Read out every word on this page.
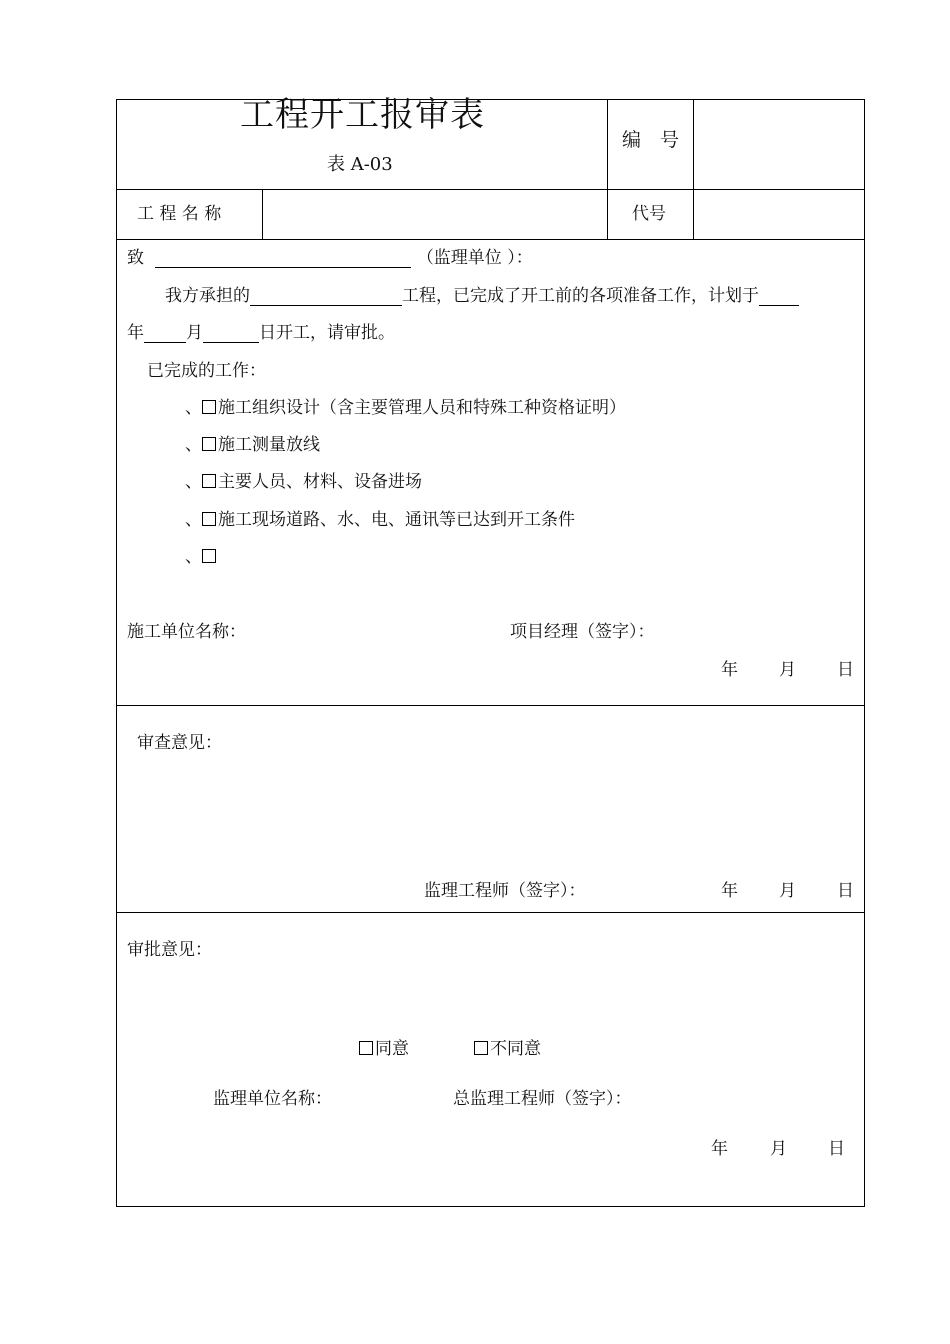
工程开工报审表
表 A-03
编　号
工 程 名 称	代号
致	（监理单位 ）：
我方承担的	工程，已完成了开工前的各项准备工作，计划于
年 月	日开工，请审批。
已完成的工作：
、 施工组织设计（含主要管理人员和特殊工种资格证明）
、 施工测量放线
、 主要人员、材料、设备进场
、 施工现场道路、水、电、通讯等已达到开工条件
、
施工单位名称：	项目经理（签字）：
年 月 日
审查意见：
监理工程师（签字）：	年 月 日
审批意见：
同意	不同意
监理单位名称：	总监理工程师（签字）：
年 月 日
